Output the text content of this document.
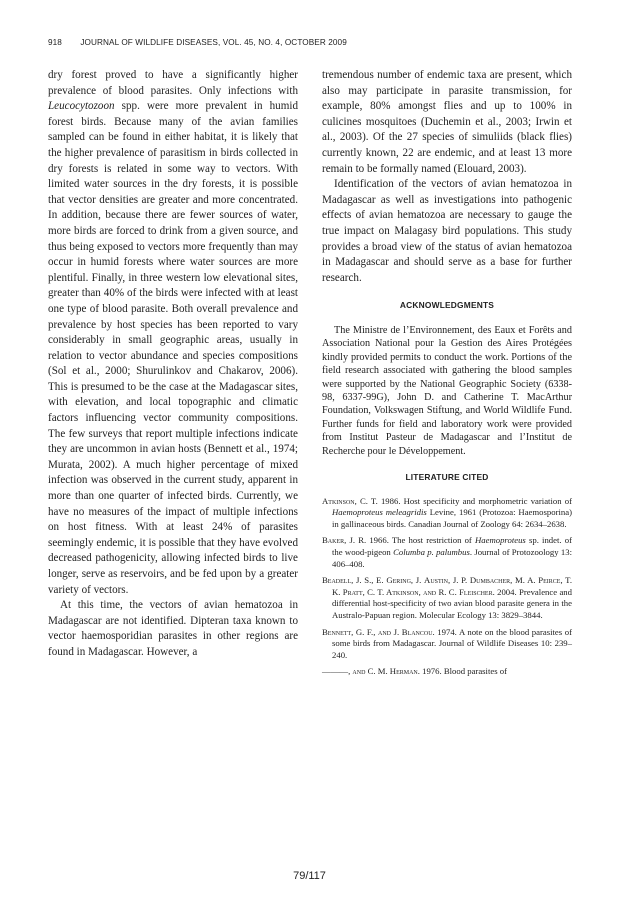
918 JOURNAL OF WILDLIFE DISEASES, VOL. 45, NO. 4, OCTOBER 2009

dry forest proved to have a significantly higher prevalence of blood parasites. Only infections with Leucocytozoon spp. were more prevalent in humid forest birds. Because many of the avian families sampled can be found in either habitat, it is likely that the higher prevalence of parasitism in birds collected in dry forests is related in some way to vectors. With limited water sources in the dry forests, it is possible that vector densities are greater and more concentrated. In addition, because there are fewer sources of water, more birds are forced to drink from a given source, and thus being exposed to vectors more frequently than may occur in humid forests where water sources are more plentiful. Finally, in three western low elevational sites, greater than 40% of the birds were infected with at least one type of blood parasite. Both overall prevalence and prevalence by host species has been reported to vary considerably in small geographic areas, usually in relation to vector abundance and species compositions (Sol et al., 2000; Shurulinkov and Chakarov, 2006). This is presumed to be the case at the Madagascar sites, with elevation, and local topographic and climatic factors influencing vector community compositions. The few surveys that report multiple infections indicate they are uncommon in avian hosts (Bennett et al., 1974; Murata, 2002). A much higher percentage of mixed infection was observed in the current study, apparent in more than one quarter of infected birds. Currently, we have no measures of the impact of multiple infections on host fitness. With at least 24% of parasites seemingly endemic, it is possible that they have evolved decreased pathogenicity, allowing infected birds to live longer, serve as reservoirs, and be fed upon by a greater variety of vectors.

At this time, the vectors of avian hematozoa in Madagascar are not identified. Dipteran taxa known to vector haemosporidian parasites in other regions are found in Madagascar. However, a

tremendous number of endemic taxa are present, which also may participate in parasite transmission, for example, 80% amongst flies and up to 100% in culicines mosquitoes (Duchemin et al., 2003; Irwin et al., 2003). Of the 27 species of simuliids (black flies) currently known, 22 are endemic, and at least 13 more remain to be formally named (Elouard, 2003).

Identification of the vectors of avian hematozoa in Madagascar as well as investigations into pathogenic effects of avian hematozoa are necessary to gauge the true impact on Malagasy bird populations. This study provides a broad view of the status of avian hematozoa in Madagascar and should serve as a base for further research.

ACKNOWLEDGMENTS

The Ministre de l’Environnement, des Eaux et Forêts and Association National pour la Gestion des Aires Protégées kindly provided permits to conduct the work. Portions of the field research associated with gathering the blood samples were supported by the National Geographic Society (6338-98, 6337-99G), John D. and Catherine T. MacArthur Foundation, Volkswagen Stiftung, and World Wildlife Fund. Further funds for field and laboratory work were provided from Institut Pasteur de Madagascar and l’Institut de Recherche pour le Développement.

LITERATURE CITED
Atkinson, C. T. 1986. Host specificity and morphometric variation of Haemoproteus meleagridis Levine, 1961 (Protozoa: Haemosporina) in gallinaceous birds. Canadian Journal of Zoology 64: 2634–2638.
Baker, J. R. 1966. The host restriction of Haemoproteus sp. indet. of the wood-pigeon Columba p. palumbus. Journal of Protozoology 13: 406–408.
Beadell, J. S., E. Gering, J. Austin, J. P. Dumbacher, M. A. Peirce, T. K. Pratt, C. T. Atkinson, and R. C. Fleischer. 2004. Prevalence and differential host-specificity of two avian blood parasite genera in the Australo-Papuan region. Molecular Ecology 13: 3829–3844.
Bennett, G. F., and J. Blancou. 1974. A note on the blood parasites of some birds from Madagascar. Journal of Wildlife Diseases 10: 239–240.
———, and C. M. Herman. 1976. Blood parasites of
79/117
